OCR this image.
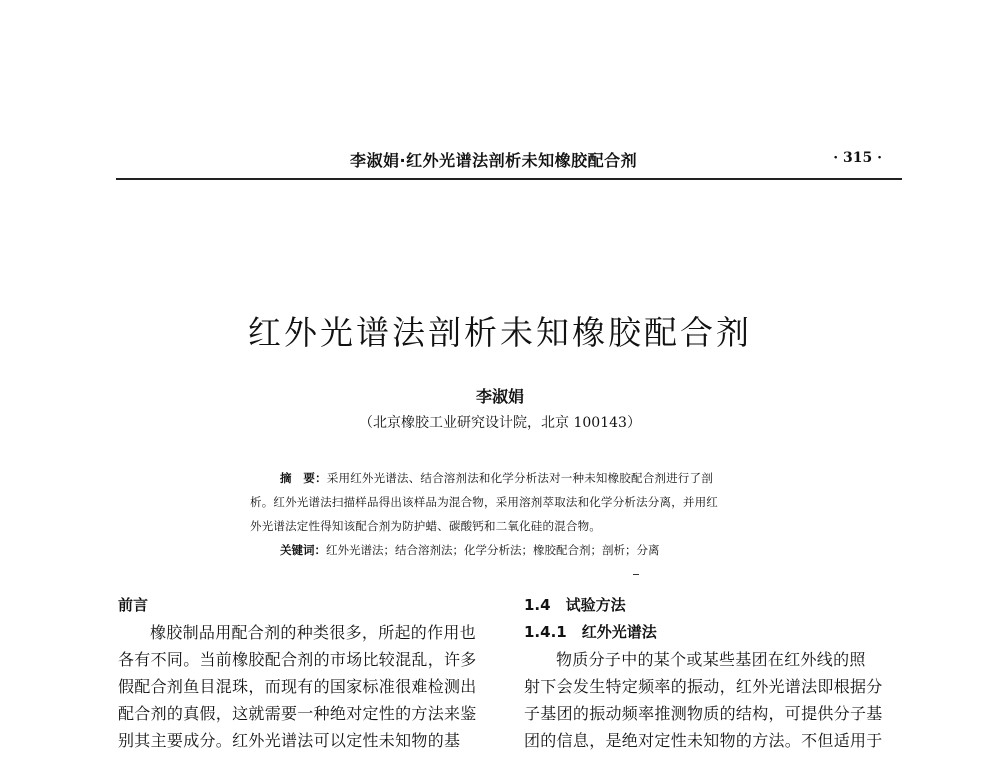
李淑娟·红外光谱法剖析未知橡胶配合剂	· 315 ·
红外光谱法剖析未知橡胶配合剂
李淑娟
（北京橡胶工业研究设计院，北京 100143）

摘　要：采用红外光谱法、结合溶剂法和化学分析法对一种未知橡胶配合剂进行了剖

析。红外光谱法扫描样品得出该样品为混合物，采用溶剂萃取法和化学分析法分离，并用红
外光谱法定性得知该配合剂为防护蜡、碳酸钙和二氧化硅的混合物。
关键词：红外光谱法；结合溶剂法；化学分析法；橡胶配合剂；剖析；分离
前言
橡胶制品用配合剂的种类很多，所起的作用也
各有不同。当前橡胶配合剂的市场比较混乱，许多
假配合剂鱼目混珠，而现有的国家标准很难检测出
配合剂的真假，这就需要一种绝对定性的方法来鉴
别其主要成分。红外光谱法可以定性未知物的基
1.4　试验方法
1.4.1　红外光谱法
物质分子中的某个或某些基团在红外线的照
射下会发生特定频率的振动，红外光谱法即根据分
子基团的振动频率推测物质的结构，可提供分子基
团的信息，是绝对定性未知物的方法。不但适用于
